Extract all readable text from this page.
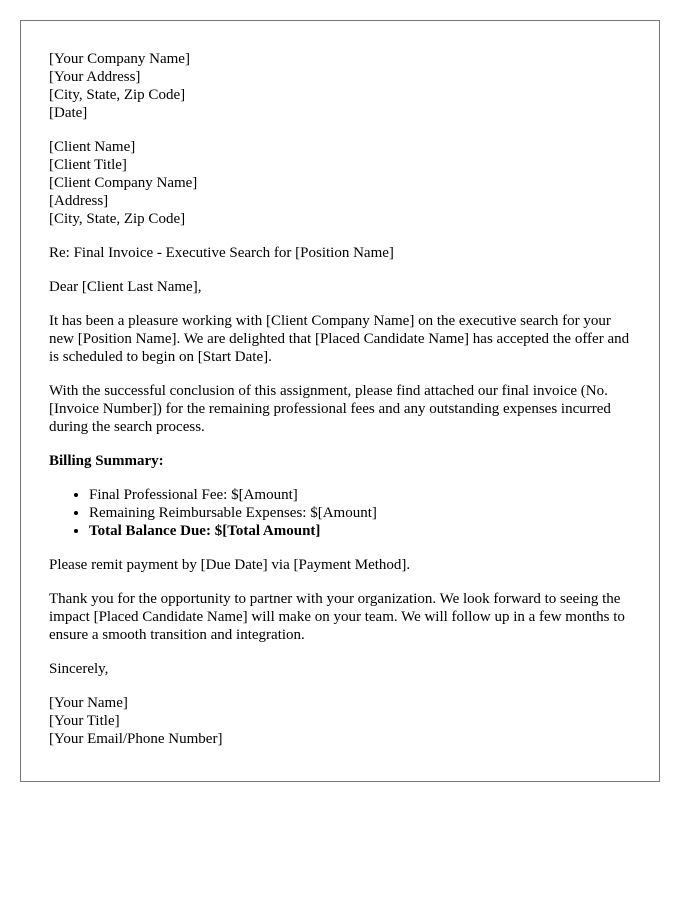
[Your Company Name]
[Your Address]
[City, State, Zip Code]
[Date]
[Client Name]
[Client Title]
[Client Company Name]
[Address]
[City, State, Zip Code]

Re: Final Invoice - Executive Search for [Position Name]

Dear [Client Last Name],

It has been a pleasure working with [Client Company Name] on the executive search for your new [Position Name]. We are delighted that [Placed Candidate Name] has accepted the offer and is scheduled to begin on [Start Date].

With the successful conclusion of this assignment, please find attached our final invoice (No. [Invoice Number]) for the remaining professional fees and any outstanding expenses incurred during the search process.

Billing Summary:

• Final Professional Fee: $[Amount]
• Remaining Reimbursable Expenses: $[Amount]
• Total Balance Due: $[Total Amount]

Please remit payment by [Due Date] via [Payment Method].

Thank you for the opportunity to partner with your organization. We look forward to seeing the impact [Placed Candidate Name] will make on your team. We will follow up in a few months to ensure a smooth transition and integration.

Sincerely,

[Your Name]
[Your Title]
[Your Email/Phone Number]
